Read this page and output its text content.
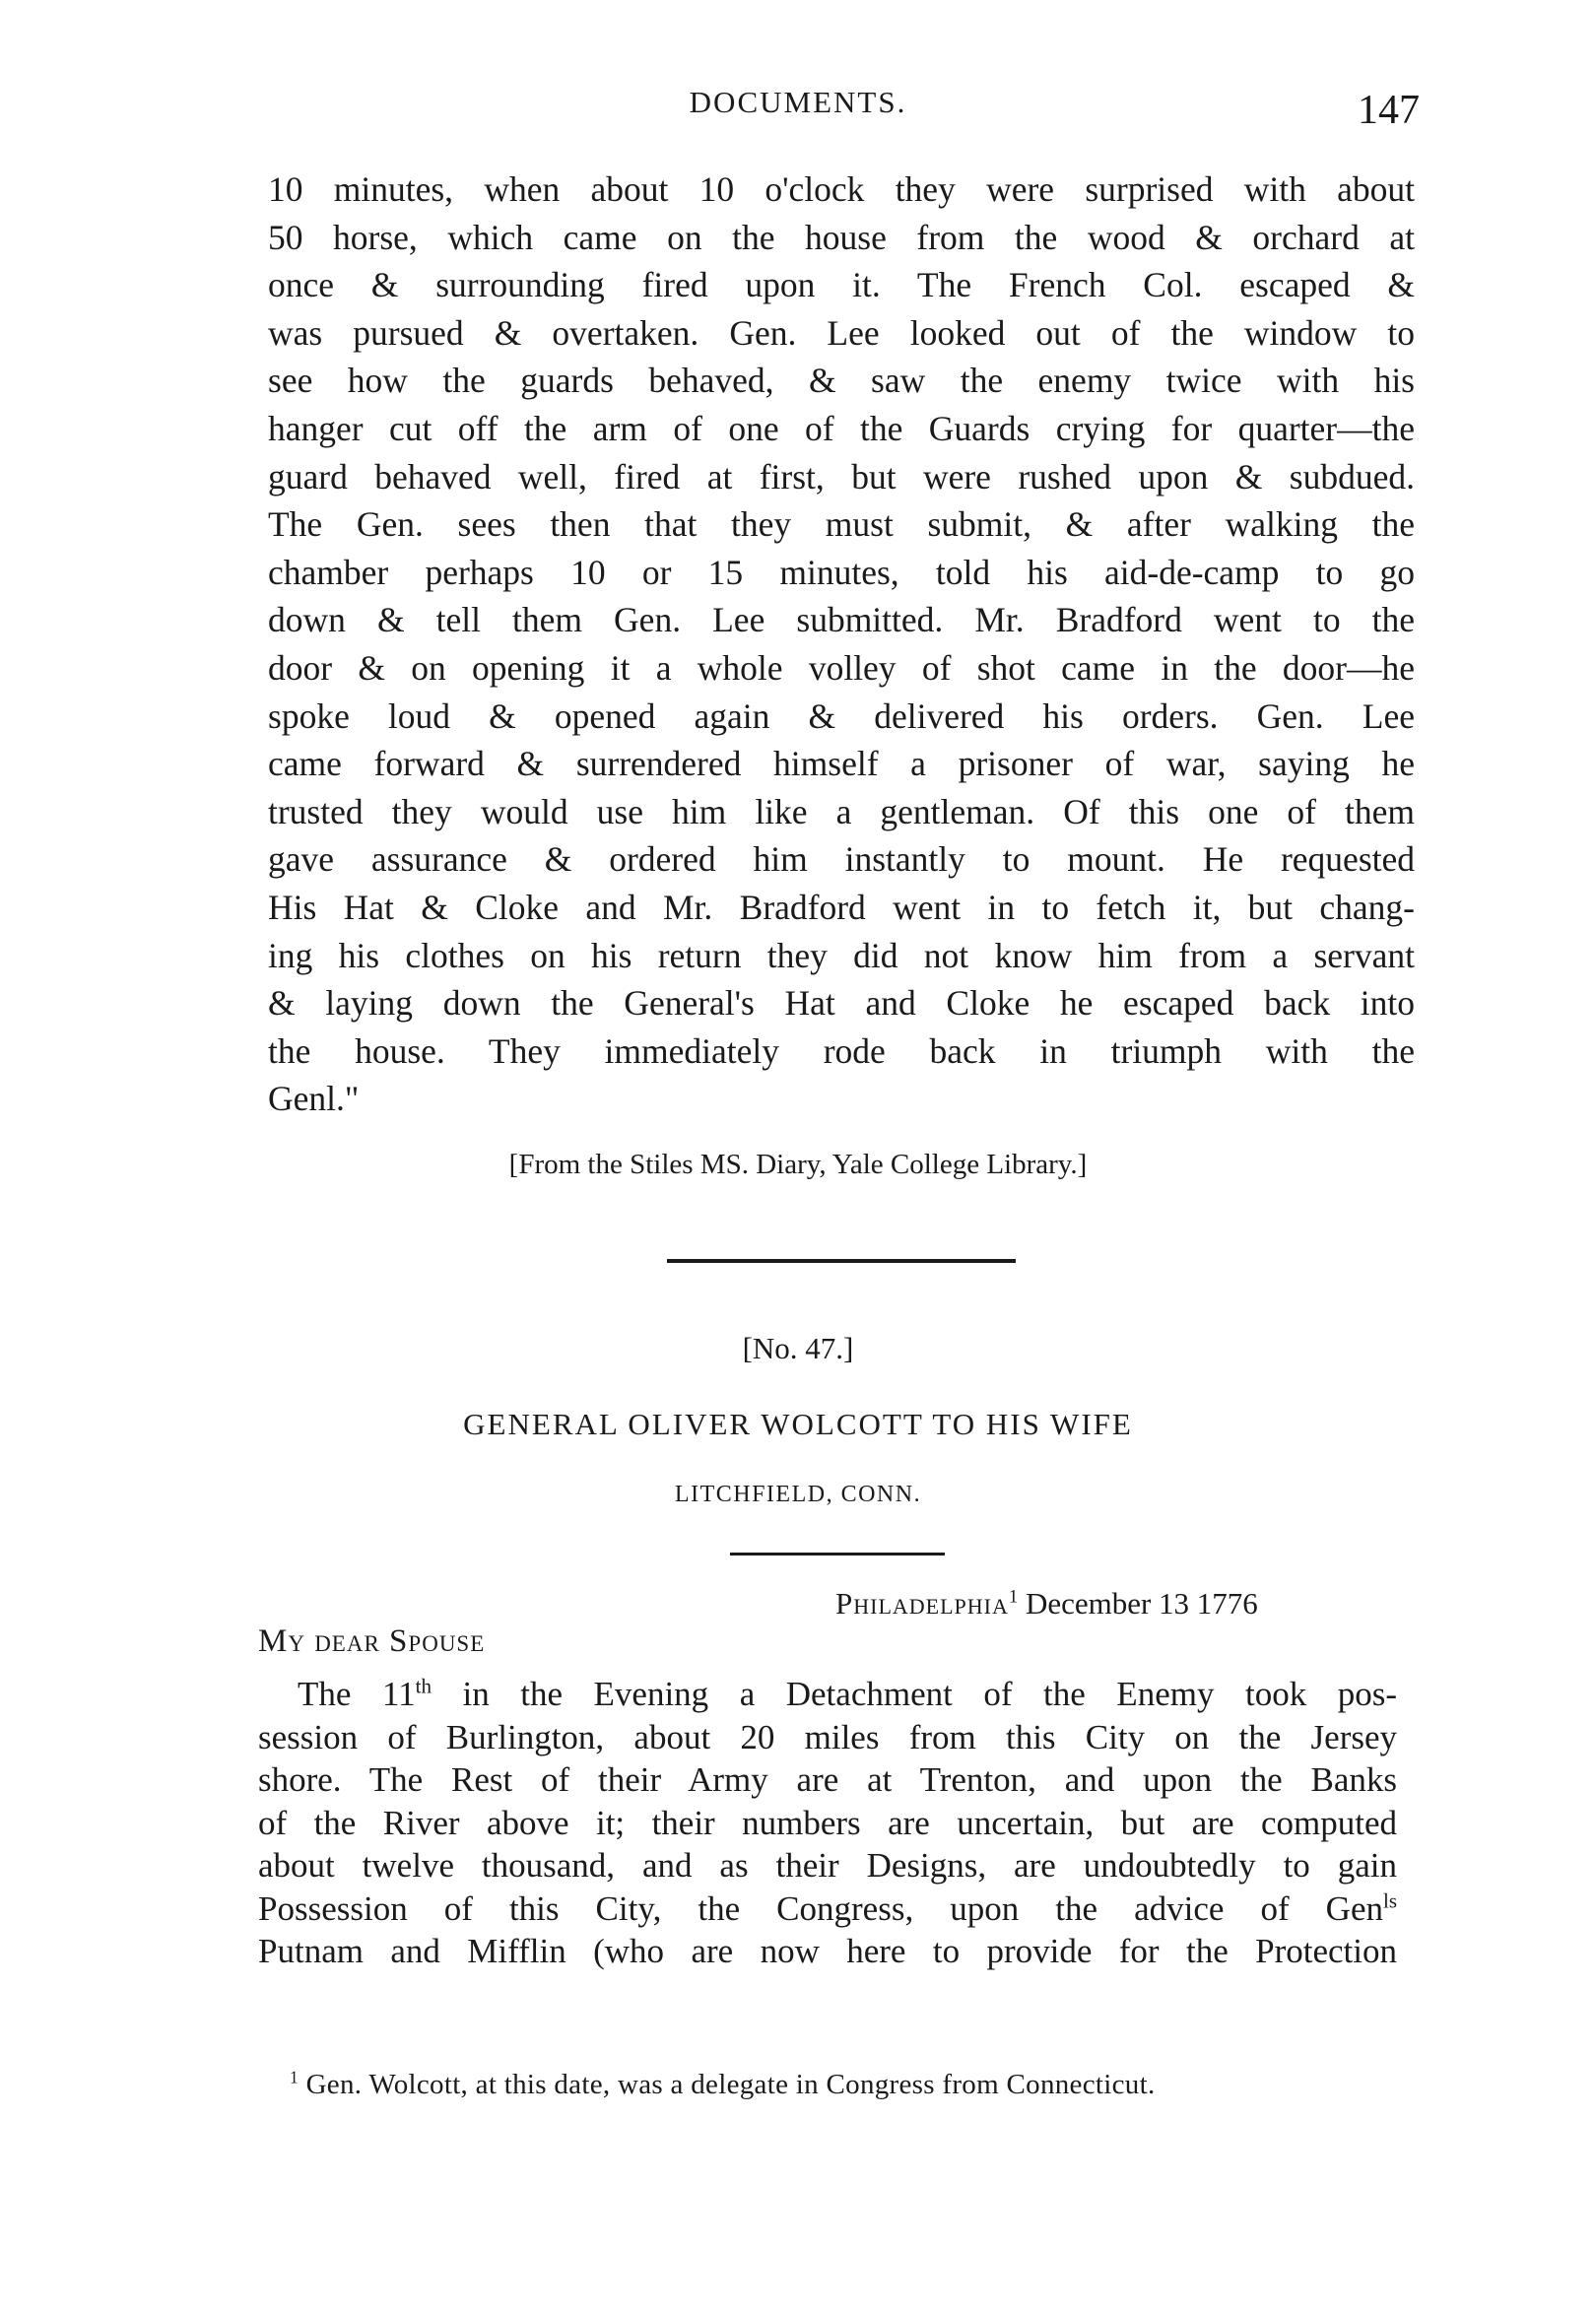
DOCUMENTS.	147
10 minutes, when about 10 o'clock they were surprised with about
50 horse, which came on the house from the wood & orchard at
once & surrounding fired upon it. The French Col. escaped &
was pursued & overtaken. Gen. Lee looked out of the window to
see how the guards behaved, & saw the enemy twice with his
hanger cut off the arm of one of the Guards crying for quarter—the
guard behaved well, fired at first, but were rushed upon & subdued.
The Gen. sees then that they must submit, & after walking the
chamber perhaps 10 or 15 minutes, told his aid-de-camp to go
down & tell them Gen. Lee submitted. Mr. Bradford went to the
door & on opening it a whole volley of shot came in the door—he
spoke loud & opened again & delivered his orders. Gen. Lee
came forward & surrendered himself a prisoner of war, saying he
trusted they would use him like a gentleman. Of this one of them
gave assurance & ordered him instantly to mount. He requested
His Hat & Cloke and Mr. Bradford went in to fetch it, but chang-
ing his clothes on his return they did not know him from a servant
& laying down the General's Hat and Cloke he escaped back into
the house. They immediately rode back in triumph with the
Genl."
[From the Stiles MS. Diary, Yale College Library.]
[No. 47.]
GENERAL OLIVER WOLCOTT TO HIS WIFE
LITCHFIELD, CONN.
Philadelphia$^1$ December 13 1776
My dear Spouse
The 11th in the Evening a Detachment of the Enemy took pos-
session of Burlington, about 20 miles from this City on the Jersey
shore. The Rest of their Army are at Trenton, and upon the Banks
of the River above it; their numbers are uncertain, but are computed
about twelve thousand, and as their Designs, are undoubtedly to gain
Possession of this City, the Congress, upon the advice of Gen$^{ls}$
Putnam and Mifflin (who are now here to provide for the Protection
$^1$ Gen. Wolcott, at this date, was a delegate in Congress from Connecticut.
